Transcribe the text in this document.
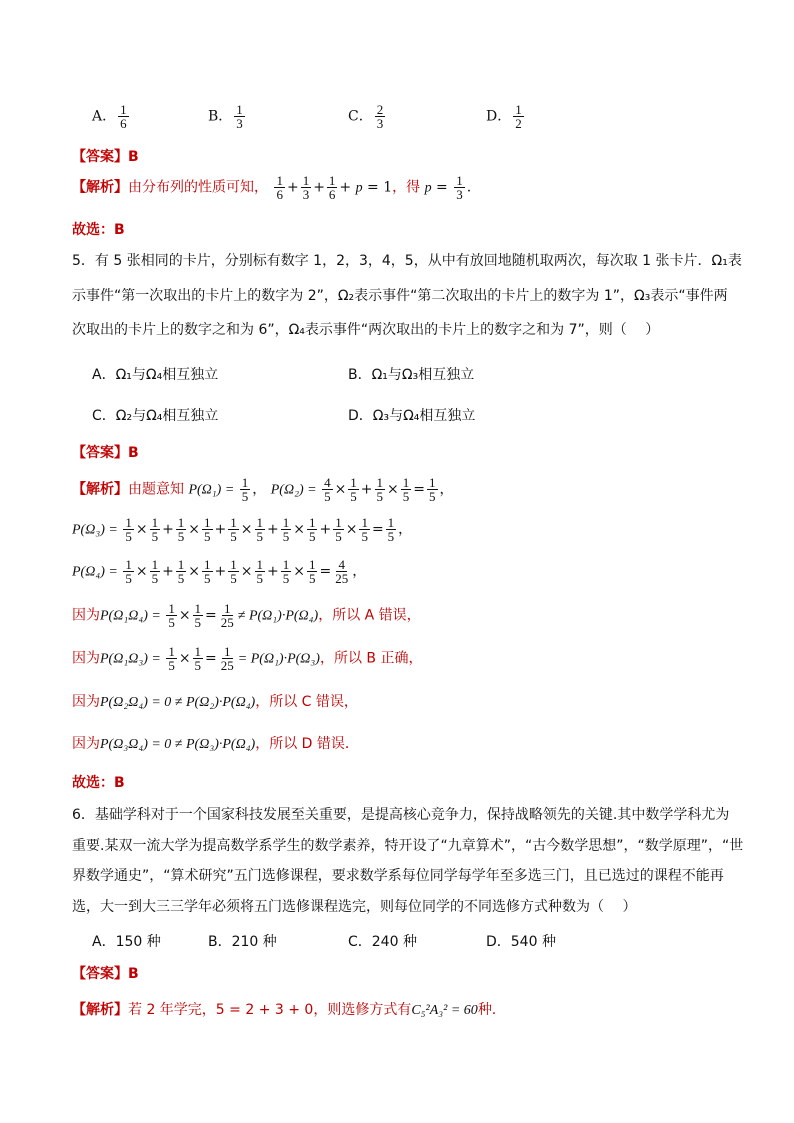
A． $\frac{1}{6}$	B． $\frac{1}{3}$	C． $\frac{2}{3}$	D． $\frac{1}{2}$
【答案】B
【解析】由分布列的性质可知， $\frac{1}{6} + \frac{1}{3} + \frac{1}{6} + p = 1$，得 $p = \frac{1}{3}$ .
故选：B
5．有 5 张相同的卡片，分别标有数字 1，2，3，4，5，从中有放回地随机取两次，每次取 1 张卡片．Ω₁表
示事件“第一次取出的卡片上的数字为 2”，Ω₂表示事件“第二次取出的卡片上的数字为 1”，Ω₃表示“事件两
次取出的卡片上的数字之和为 6”，Ω₄表示事件“两次取出的卡片上的数字之和为 7”，则（　 ）
A．Ω₁与Ω₄相互独立	B．Ω₁与Ω₃相互独立
C．Ω₂与Ω₄相互独立	D．Ω₃与Ω₄相互独立
【答案】B
【解析】由题意知 $P(\Omega_1) = \frac{1}{5}$ ， $P(\Omega_2) = \frac{4}{5} \times \frac{1}{5} + \frac{1}{5} \times \frac{1}{5} = \frac{1}{5}$ ，
$P(\Omega_3) = \frac{1}{5} \times \frac{1}{5} + \frac{1}{5} \times \frac{1}{5} + \frac{1}{5} \times \frac{1}{5} + \frac{1}{5} \times \frac{1}{5} + \frac{1}{5} \times \frac{1}{5} = \frac{1}{5}$ ，
$P(\Omega_4) = \frac{1}{5} \times \frac{1}{5} + \frac{1}{5} \times \frac{1}{5} + \frac{1}{5} \times \frac{1}{5} + \frac{1}{5} \times \frac{1}{5} = \frac{4}{25}$ ，
因为$P(\Omega_1\Omega_4) = \frac{1}{5} \times \frac{1}{5} = \frac{1}{25} \ne P(\Omega_1)\cdot P(\Omega_4)$，所以 A 错误，
因为$P(\Omega_1\Omega_3) = \frac{1}{5} \times \frac{1}{5} = \frac{1}{25} = P(\Omega_1)\cdot P(\Omega_3)$，所以 B 正确，
因为P(Ω₂Ω₄) = 0 ≠ P(Ω₂)·P(Ω₄)，所以 C 错误，
因为P(Ω₃Ω₄) = 0 ≠ P(Ω₃)·P(Ω₄)，所以 D 错误．
故选：B
6．基础学科对于一个国家科技发展至关重要，是提高核心竞争力，保持战略领先的关键.其中数学学科尤为
重要.某双一流大学为提高数学系学生的数学素养，特开设了“九章算术”，“古今数学思想”，“数学原理”，“世
界数学通史”，“算术研究”五门选修课程，要求数学系每位同学每学年至多选三门，且已选过的课程不能再
选，大一到大三三学年必须将五门选修课程选完，则每位同学的不同选修方式种数为（　 ）
A．150 种	B．210 种	C．240 种	D．540 种
【答案】B
【解析】若 2 年学完，5 = 2 + 3 + 0，则选修方式有C₅²A₃² = 60种.
